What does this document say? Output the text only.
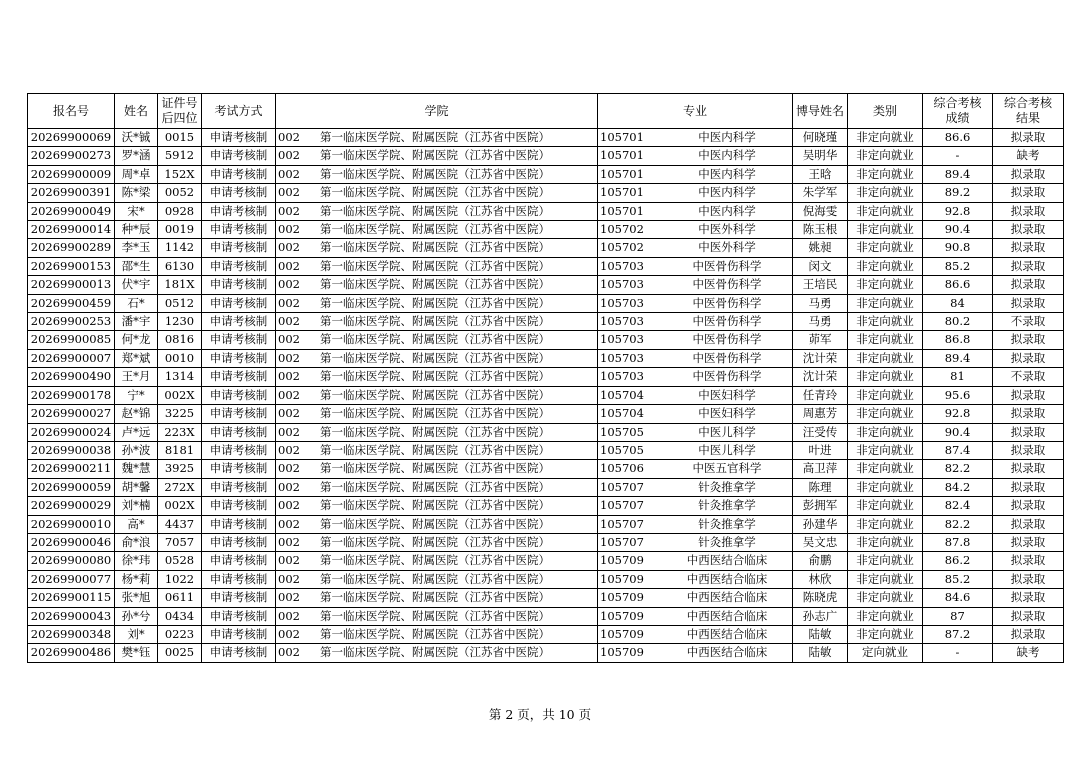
报名号	姓名	证件号后四位	考试方式	学院	专业	博导姓名	类别	综合考核成绩	综合考核结果

20269900069	沃*铖	0015	申请考核制	002 第一临床医学院、附属医院（江苏省中医院）	105701 中医内科学	何晓瑾	非定向就业	86.6	拟录取
20269900273	罗*涵	5912	申请考核制	002 第一临床医学院、附属医院（江苏省中医院）	105701 中医内科学	吴明华	非定向就业	-	缺考
20269900009	周*卓	152X	申请考核制	002 第一临床医学院、附属医院（江苏省中医院）	105701 中医内科学	王晗	非定向就业	89.4	拟录取
20269900391	陈*梁	0052	申请考核制	002 第一临床医学院、附属医院（江苏省中医院）	105701 中医内科学	朱学军	非定向就业	89.2	拟录取
20269900049	宋*	0928	申请考核制	002 第一临床医学院、附属医院（江苏省中医院）	105701 中医内科学	倪海雯	非定向就业	92.8	拟录取
20269900014	种*辰	0019	申请考核制	002 第一临床医学院、附属医院（江苏省中医院）	105702 中医外科学	陈玉根	非定向就业	90.4	拟录取
20269900289	李*玉	1142	申请考核制	002 第一临床医学院、附属医院（江苏省中医院）	105702 中医外科学	姚昶	非定向就业	90.8	拟录取
20269900153	邵*生	6130	申请考核制	002 第一临床医学院、附属医院（江苏省中医院）	105703 中医骨伤科学	闵文	非定向就业	85.2	拟录取
20269900013	伏*宇	181X	申请考核制	002 第一临床医学院、附属医院（江苏省中医院）	105703 中医骨伤科学	王培民	非定向就业	86.6	拟录取
20269900459	石*	0512	申请考核制	002 第一临床医学院、附属医院（江苏省中医院）	105703 中医骨伤科学	马勇	非定向就业	84	拟录取
20269900253	潘*宇	1230	申请考核制	002 第一临床医学院、附属医院（江苏省中医院）	105703 中医骨伤科学	马勇	非定向就业	80.2	不录取
20269900085	何*龙	0816	申请考核制	002 第一临床医学院、附属医院（江苏省中医院）	105703 中医骨伤科学	茆军	非定向就业	86.8	拟录取
20269900007	郑*斌	0010	申请考核制	002 第一临床医学院、附属医院（江苏省中医院）	105703 中医骨伤科学	沈计荣	非定向就业	89.4	拟录取
20269900490	王*月	1314	申请考核制	002 第一临床医学院、附属医院（江苏省中医院）	105703 中医骨伤科学	沈计荣	非定向就业	81	不录取
20269900178	宁*	002X	申请考核制	002 第一临床医学院、附属医院（江苏省中医院）	105704 中医妇科学	任青玲	非定向就业	95.6	拟录取
20269900027	赵*锦	3225	申请考核制	002 第一临床医学院、附属医院（江苏省中医院）	105704 中医妇科学	周惠芳	非定向就业	92.8	拟录取
20269900024	卢*远	223X	申请考核制	002 第一临床医学院、附属医院（江苏省中医院）	105705 中医儿科学	汪受传	非定向就业	90.4	拟录取
20269900038	孙*波	8181	申请考核制	002 第一临床医学院、附属医院（江苏省中医院）	105705 中医儿科学	叶进	非定向就业	87.4	拟录取
20269900211	魏*慧	3925	申请考核制	002 第一临床医学院、附属医院（江苏省中医院）	105706 中医五官科学	高卫萍	非定向就业	82.2	拟录取
20269900059	胡*馨	272X	申请考核制	002 第一临床医学院、附属医院（江苏省中医院）	105707 针灸推拿学	陈理	非定向就业	84.2	拟录取
20269900029	刘*楠	002X	申请考核制	002 第一临床医学院、附属医院（江苏省中医院）	105707 针灸推拿学	彭拥军	非定向就业	82.4	拟录取
20269900010	高*	4437	申请考核制	002 第一临床医学院、附属医院（江苏省中医院）	105707 针灸推拿学	孙建华	非定向就业	82.2	拟录取
20269900046	俞*浪	7057	申请考核制	002 第一临床医学院、附属医院（江苏省中医院）	105707 针灸推拿学	吴文忠	非定向就业	87.8	拟录取
20269900080	徐*玮	0528	申请考核制	002 第一临床医学院、附属医院（江苏省中医院）	105709 中西医结合临床	俞鹏	非定向就业	86.2	拟录取
20269900077	杨*莉	1022	申请考核制	002 第一临床医学院、附属医院（江苏省中医院）	105709 中西医结合临床	林欣	非定向就业	85.2	拟录取
20269900115	张*旭	0611	申请考核制	002 第一临床医学院、附属医院（江苏省中医院）	105709 中西医结合临床	陈晓虎	非定向就业	84.6	拟录取
20269900043	孙*兮	0434	申请考核制	002 第一临床医学院、附属医院（江苏省中医院）	105709 中西医结合临床	孙志广	非定向就业	87	拟录取
20269900348	刘*	0223	申请考核制	002 第一临床医学院、附属医院（江苏省中医院）	105709 中西医结合临床	陆敏	非定向就业	87.2	拟录取
20269900486	樊*钰	0025	申请考核制	002 第一临床医学院、附属医院（江苏省中医院）	105709 中西医结合临床	陆敏	定向就业	-	缺考
第 2 页，共 10 页
